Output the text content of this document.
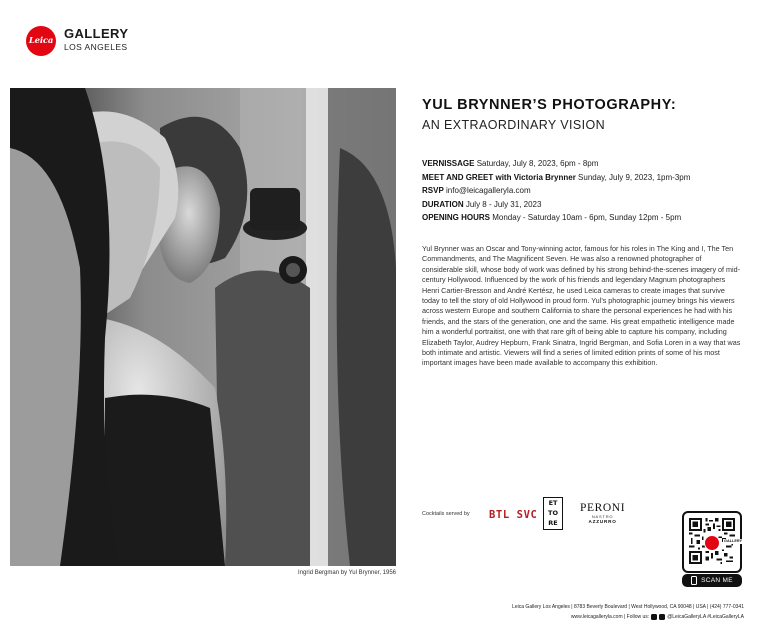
Leica GALLERY
LOS ANGELES
Ingrid Bergman by Yul Brynner, 1956
YUL BRYNNER’S PHOTOGRAPHY:
AN EXTRAORDINARY VISION
VERNISSAGE Saturday, July 8, 2023, 6pm - 8pm
MEET AND GREET with Victoria Brynner Sunday, July 9, 2023, 1pm-3pm
RSVP info@leicagalleryla.com
DURATION July 8 - July 31, 2023
OPENING HOURS Monday - Saturday 10am - 6pm, Sunday 12pm - 5pm

Yul Brynner was an Oscar and Tony-winning actor, famous for his roles in The King and I, The Ten Commandments, and The Magnificent Seven. He was also a renowned photographer of considerable skill, whose body of work was defined by his strong behind-the-scenes imagery of mid-century Hollywood. Influenced by the work of his friends and legendary Magnum photographers Henri Cartier-Bresson and André Kertész, he used Leica cameras to create images that survive today to tell the story of old Hollywood in proud form. Yul’s photographic journey brings his viewers across western Europe and southern California to share the personal experiences he had with his friends, and the stars of the generation, one and the same. His great empathetic intelligence made him a wonderful portraitist, one with that rare gift of being able to capture his company, including Elizabeth Taylor, Audrey Hepburn, Frank Sinatra, Ingrid Bergman, and Sofia Loren in a way that was both intimate and artistic. Viewers will find a series of limited edition prints of some of his most important images have been made available to accompany this exhibition.

Cocktails served by BTL SVC
ET
TO
RE
PERONI
NASTRO
AZZURRO
GALLERY
SCAN ME
Leica Gallery Los Angeles | 8783 Beverly Boulevard | West Hollywood, CA 90048 | USA | (424) 777-0341
www.leicagalleryla.com | Follow us:	@LeicaGalleryLA #LeicaGalleryLA
